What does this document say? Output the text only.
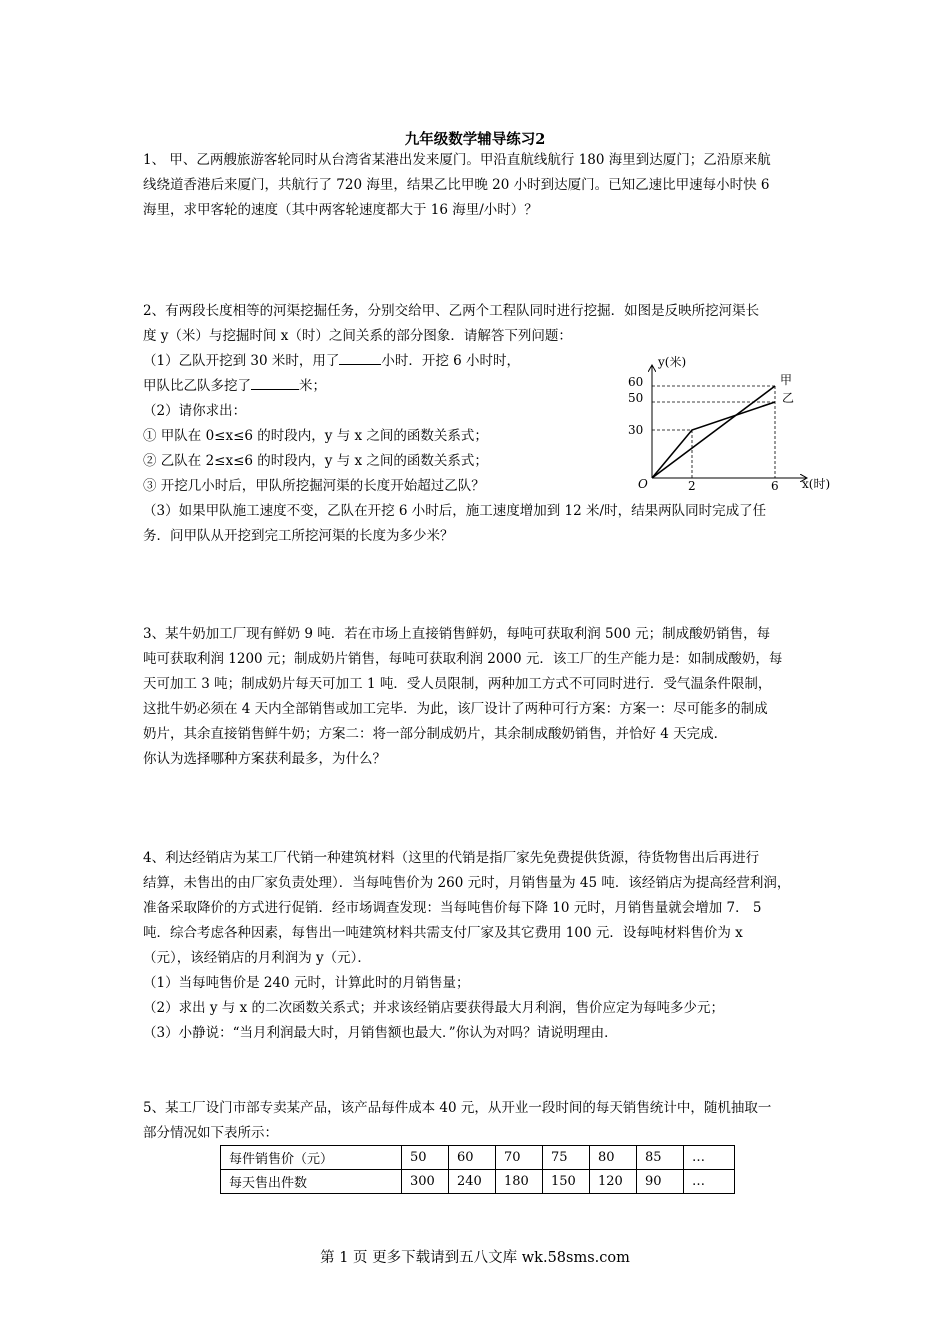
九年级数学辅导练习2
1、 甲、乙两艘旅游客轮同时从台湾省某港出发来厦门。甲沿直航线航行 180 海里到达厦门；乙沿原来航
线绕道香港后来厦门，共航行了 720 海里，结果乙比甲晚 20 小时到达厦门。已知乙速比甲速每小时快 6
海里，求甲客轮的速度（其中两客轮速度都大于 16 海里/小时）？
2、有两段长度相等的河渠挖掘任务，分别交给甲、乙两个工程队同时进行挖掘．如图是反映所挖河渠长
度 y（米）与挖掘时间 x（时）之间关系的部分图象．请解答下列问题：
（1）乙队开挖到 30 米时，用了	小时．开挖 6 小时时，
甲队比乙队多挖了	米；
（2）请你求出：
① 甲队在 0≤x≤6 的时段内，y 与 x 之间的函数关系式；
② 乙队在 2≤x≤6 的时段内，y 与 x 之间的函数关系式；
③ 开挖几小时后，甲队所挖掘河渠的长度开始超过乙队？
（3）如果甲队施工速度不变，乙队在开挖 6 小时后，施工速度增加到 12 米/时，结果两队同时完成了任
务．问甲队从开挖到完工所挖河渠的长度为多少米？
y(米)
x(时)
O
60
50
30
2	6
甲
乙
3、某牛奶加工厂现有鲜奶 9 吨．若在市场上直接销售鲜奶，每吨可获取利润 500 元；制成酸奶销售，每
吨可获取利润 1200 元；制成奶片销售，每吨可获取利润 2000 元．该工厂的生产能力是：如制成酸奶，每
天可加工 3 吨；制成奶片每天可加工 1 吨．受人员限制，两种加工方式不可同时进行．受气温条件限制，
这批牛奶必须在 4 天内全部销售或加工完毕．为此，该厂设计了两种可行方案：方案一：尽可能多的制成
奶片，其余直接销售鲜牛奶；方案二：将一部分制成奶片，其余制成酸奶销售，并恰好 4 天完成．
你认为选择哪种方案获利最多，为什么？
4、利达经销店为某工厂代销一种建筑材料（这里的代销是指厂家先免费提供货源，待货物售出后再进行
结算，未售出的由厂家负责处理）．当每吨售价为 260 元时，月销售量为 45 吨．该经销店为提高经营利润，
准备采取降价的方式进行促销．经市场调查发现：当每吨售价每下降 10 元时，月销售量就会增加 7． 5
吨．综合考虑各种因素，每售出一吨建筑材料共需支付厂家及其它费用 100 元．设每吨材料售价为 x
（元），该经销店的月利润为 y（元）．
（1）当每吨售价是 240 元时，计算此时的月销售量；
（2）求出 y 与 x 的二次函数关系式；并求该经销店要获得最大月利润，售价应定为每吨多少元；
（3）小静说：“当月利润最大时，月销售额也最大．”你认为对吗？请说明理由．
5、某工厂设门市部专卖某产品，该产品每件成本 40 元，从开业一段时间的每天销售统计中，随机抽取一
部分情况如下表所示：
每件销售价（元）	50	60	70	75	80	85	…
每天售出件数	300	240	180	150	120	90	…
第 1 页 更多下载请到五八文库 wk.58sms.com
